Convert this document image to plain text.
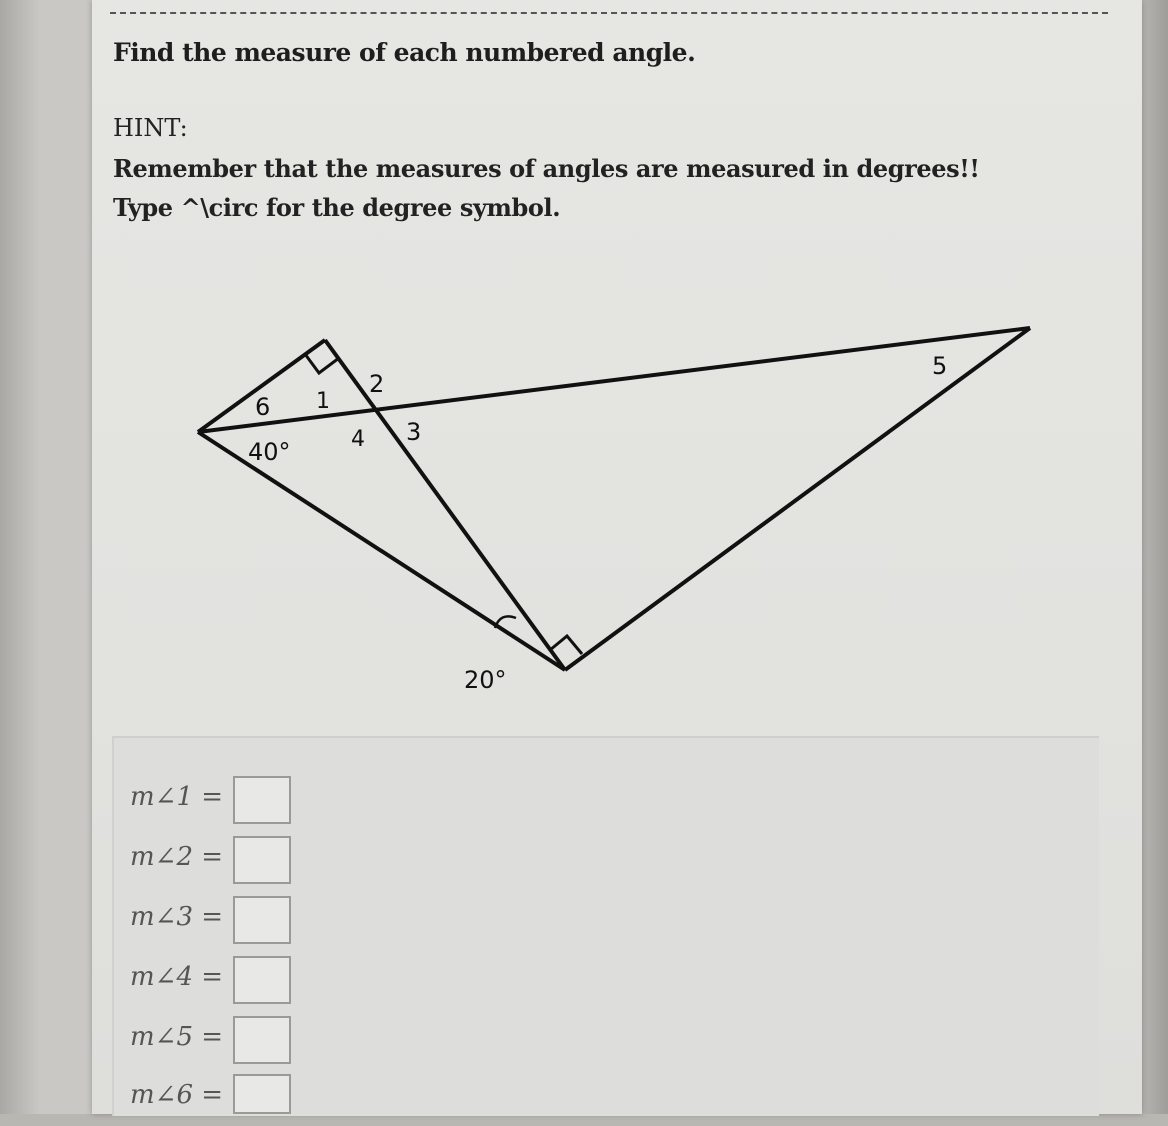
Find the measure of each numbered angle.
HINT:
Remember that the measures of angles are measured in degrees!!
Type ^\circ for the degree symbol.
6 1
2
3
4
5
40°
20°
m∠1 =
m∠2 =
m∠3 =
m∠4 =
m∠5 =
m∠6 =
